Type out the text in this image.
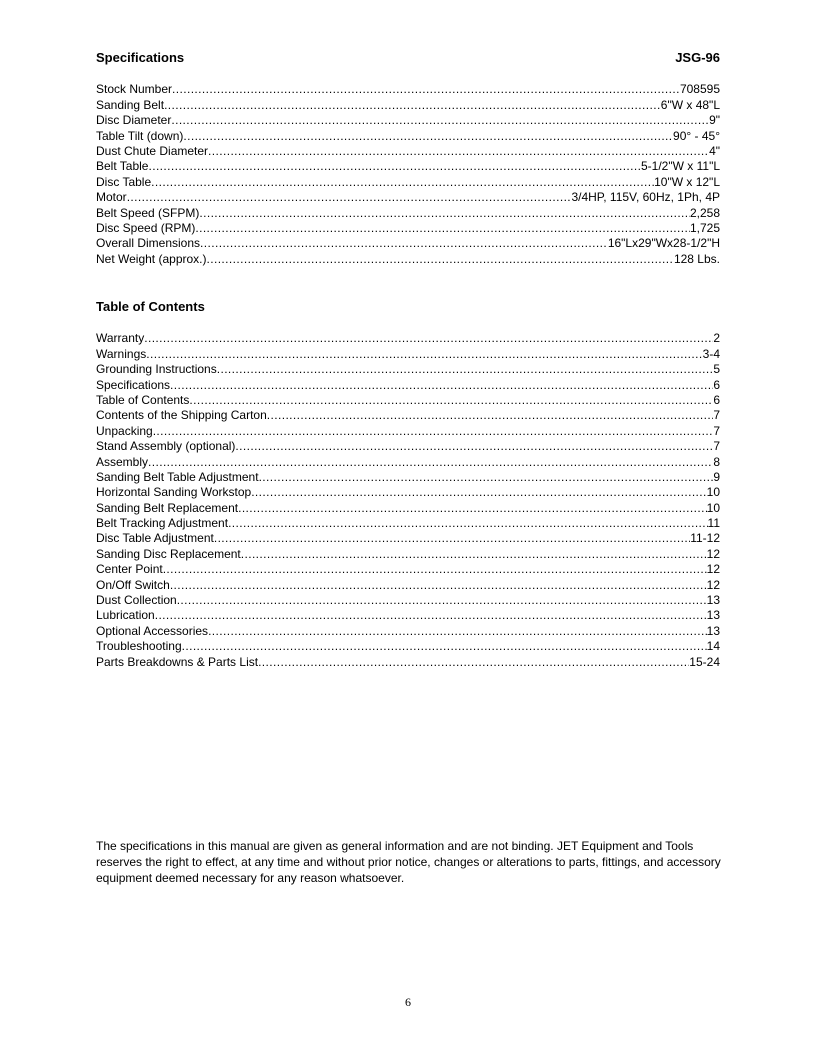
Specifications	JSG-96
Stock Number .....	708595
Sanding Belt .....	6"W x 48"L
Disc Diameter .....	9"
Table Tilt (down) .....	90° - 45°
Dust Chute Diameter .....	4"
Belt Table .....	5-1/2"W x 11"L
Disc Table .....	10"W x 12"L
Motor .....	3/4HP, 115V, 60Hz, 1Ph, 4P
Belt Speed (SFPM) .....	2,258
Disc Speed (RPM) .....	1,725
Overall Dimensions .....	16"Lx29"Wx28-1/2"H
Net Weight (approx.) .....	128 Lbs.
Table of Contents
Warranty .....	2
Warnings .....	3-4
Grounding Instructions .....	5
Specifications .....	6
Table of Contents .....	6
Contents of the Shipping Carton .....	7
Unpacking .....	7
Stand Assembly (optional) .....	7
Assembly .....	8
Sanding Belt Table Adjustment .....	9
Horizontal Sanding Workstop .....	10
Sanding Belt Replacement .....	10
Belt Tracking Adjustment .....	11
Disc Table Adjustment .....	11-12
Sanding Disc Replacement .....	12
Center Point .....	12
On/Off Switch .....	12
Dust Collection .....	13
Lubrication .....	13
Optional Accessories .....	13
Troubleshooting .....	14
Parts Breakdowns & Parts List .....	15-24
The specifications in this manual are given as general information and are not binding. JET Equipment and Tools reserves the right to effect, at any time and without prior notice, changes or alterations to parts, fittings, and accessory equipment deemed necessary for any reason whatsoever.
6
